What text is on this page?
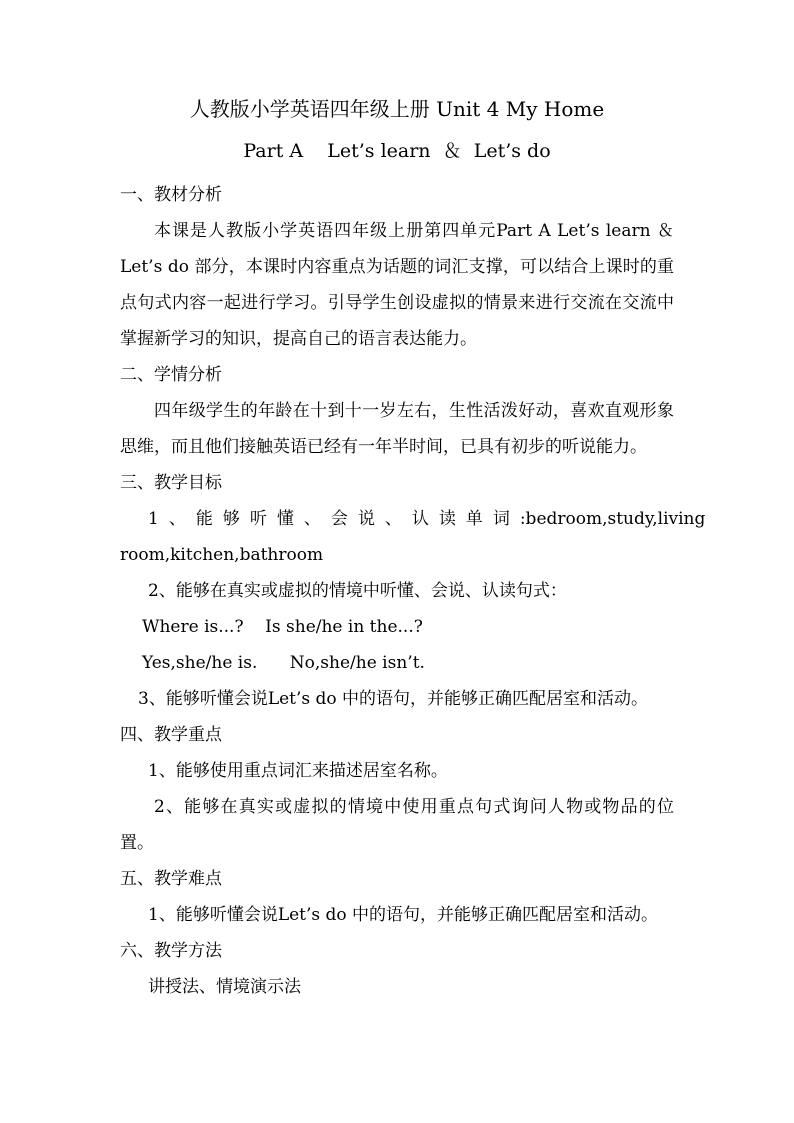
人教版小学英语四年级上册 Unit 4 My Home
Part A    Let’s learn  ＆  Let’s do
一、教材分析

本课是人教版小学英语四年级上册第四单元Part A Let’s learn ＆ Let’s do 部分，本课时内容重点为话题的词汇支撑，可以结合上课时的重点句式内容一起进行学习。引导学生创设虚拟的情景来进行交流在交流中掌握新学习的知识，提高自己的语言表达能力。

二、学情分析

四年级学生的年龄在十到十一岁左右，生性活泼好动，喜欢直观形象思维，而且他们接触英语已经有一年半时间，已具有初步的听说能力。

三、教学目标
1、能够听懂、会说、认读单词:bedroom,study,living
room,kitchen,bathroom
2、能够在真实或虚拟的情境中听懂、会说、认读句式：
Where is...?    Is she/he in the...?
Yes,she/he is.      No,she/he isn’t.
3、能够听懂会说Let’s do 中的语句，并能够正确匹配居室和活动。
四、教学重点
1、能够使用重点词汇来描述居室名称。

2、能够在真实或虚拟的情境中使用重点句式询问人物或物品的位置。

五、教学难点
1、能够听懂会说Let’s do 中的语句，并能够正确匹配居室和活动。
六、教学方法
讲授法、情境演示法
